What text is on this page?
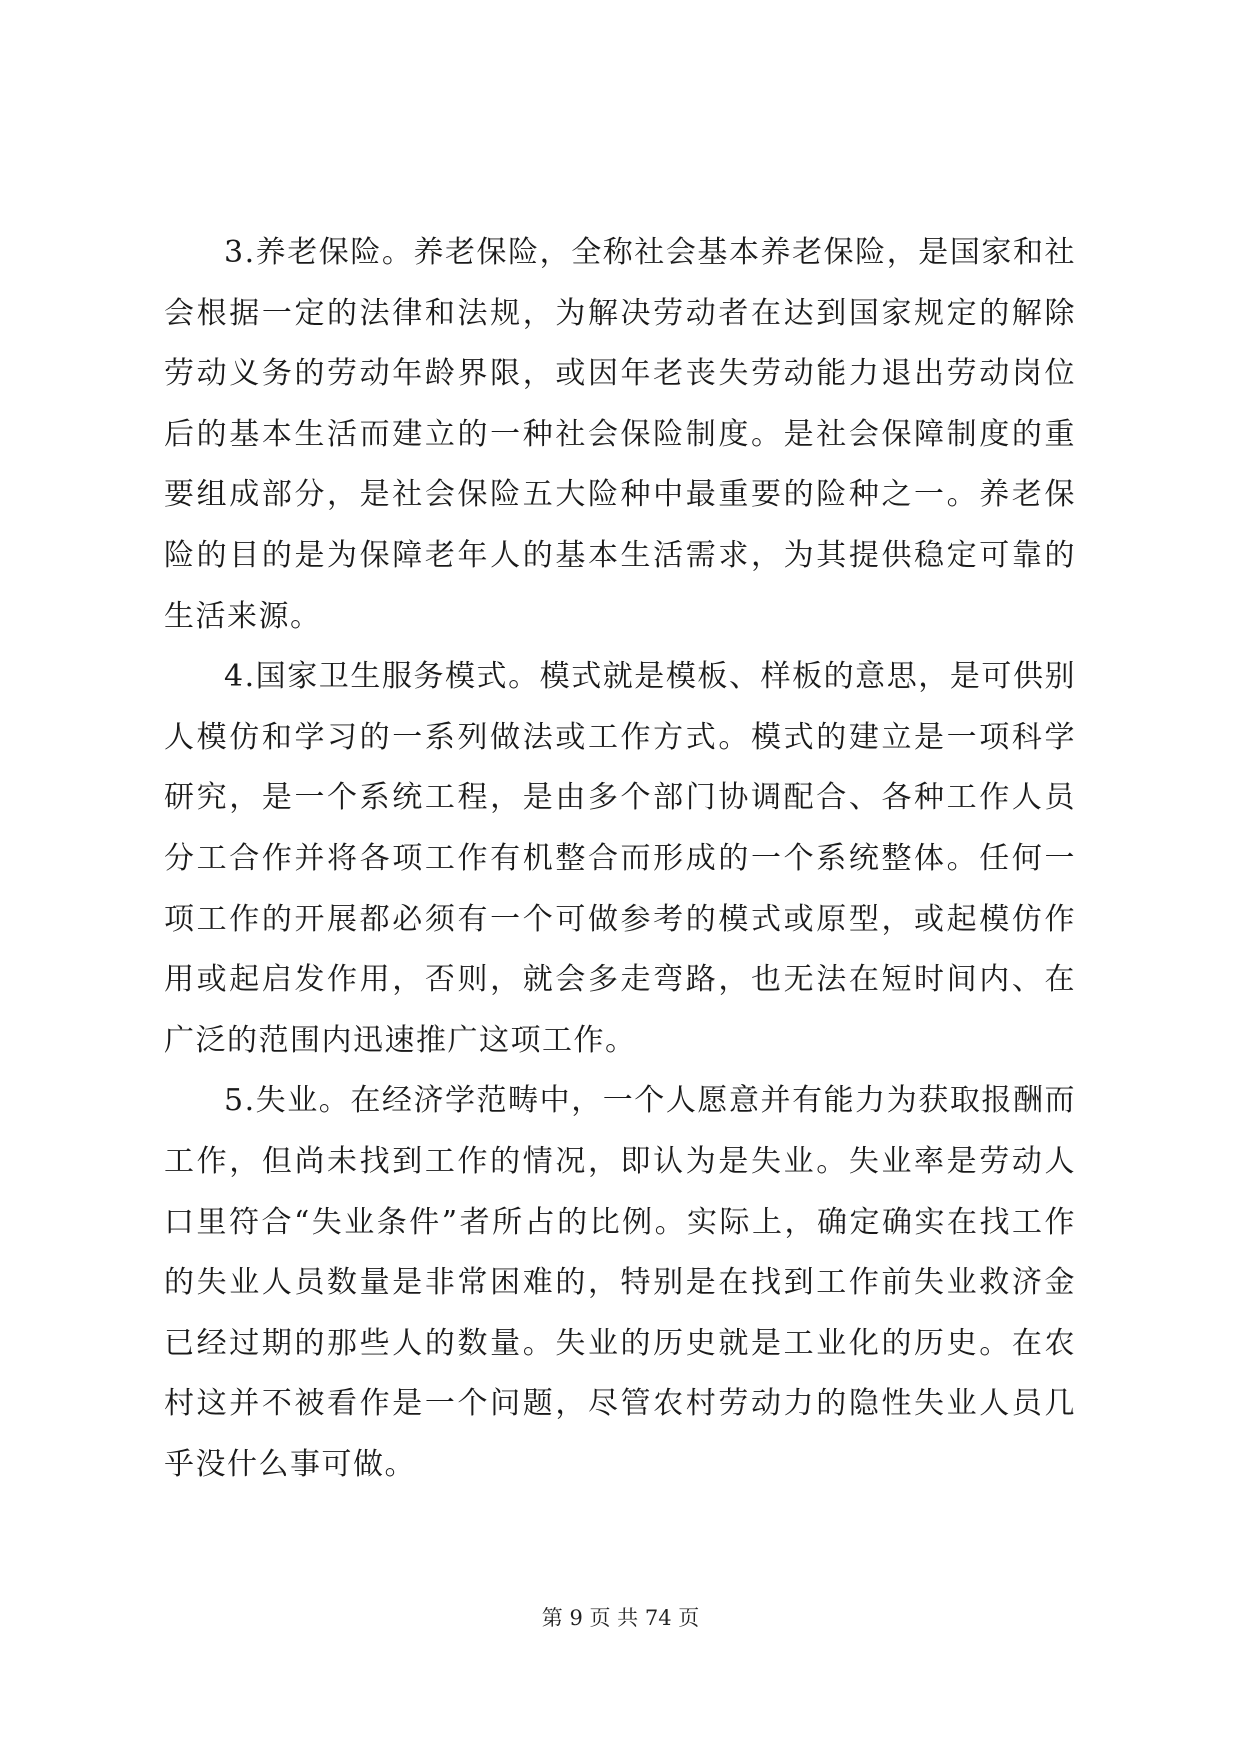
3.养老保险。养老保险，全称社会基本养老保险，是国家和社会根据一定的法律和法规，为解决劳动者在达到国家规定的解除劳动义务的劳动年龄界限，或因年老丧失劳动能力退出劳动岗位后的基本生活而建立的一种社会保险制度。是社会保障制度的重要组成部分，是社会保险五大险种中最重要的险种之一。养老保险的目的是为保障老年人的基本生活需求，为其提供稳定可靠的生活来源。

4.国家卫生服务模式。模式就是模板、样板的意思，是可供别人模仿和学习的一系列做法或工作方式。模式的建立是一项科学研究，是一个系统工程，是由多个部门协调配合、各种工作人员分工合作并将各项工作有机整合而形成的一个系统整体。任何一项工作的开展都必须有一个可做参考的模式或原型，或起模仿作用或起启发作用，否则，就会多走弯路，也无法在短时间内、在广泛的范围内迅速推广这项工作。

5.失业。在经济学范畴中，一个人愿意并有能力为获取报酬而工作，但尚未找到工作的情况，即认为是失业。失业率是劳动人口里符合“失业条件”者所占的比例。实际上，确定确实在找工作的失业人员数量是非常困难的，特别是在找到工作前失业救济金已经过期的那些人的数量。失业的历史就是工业化的历史。在农村这并不被看作是一个问题，尽管农村劳动力的隐性失业人员几乎没什么事可做。

第 9 页 共 74 页
